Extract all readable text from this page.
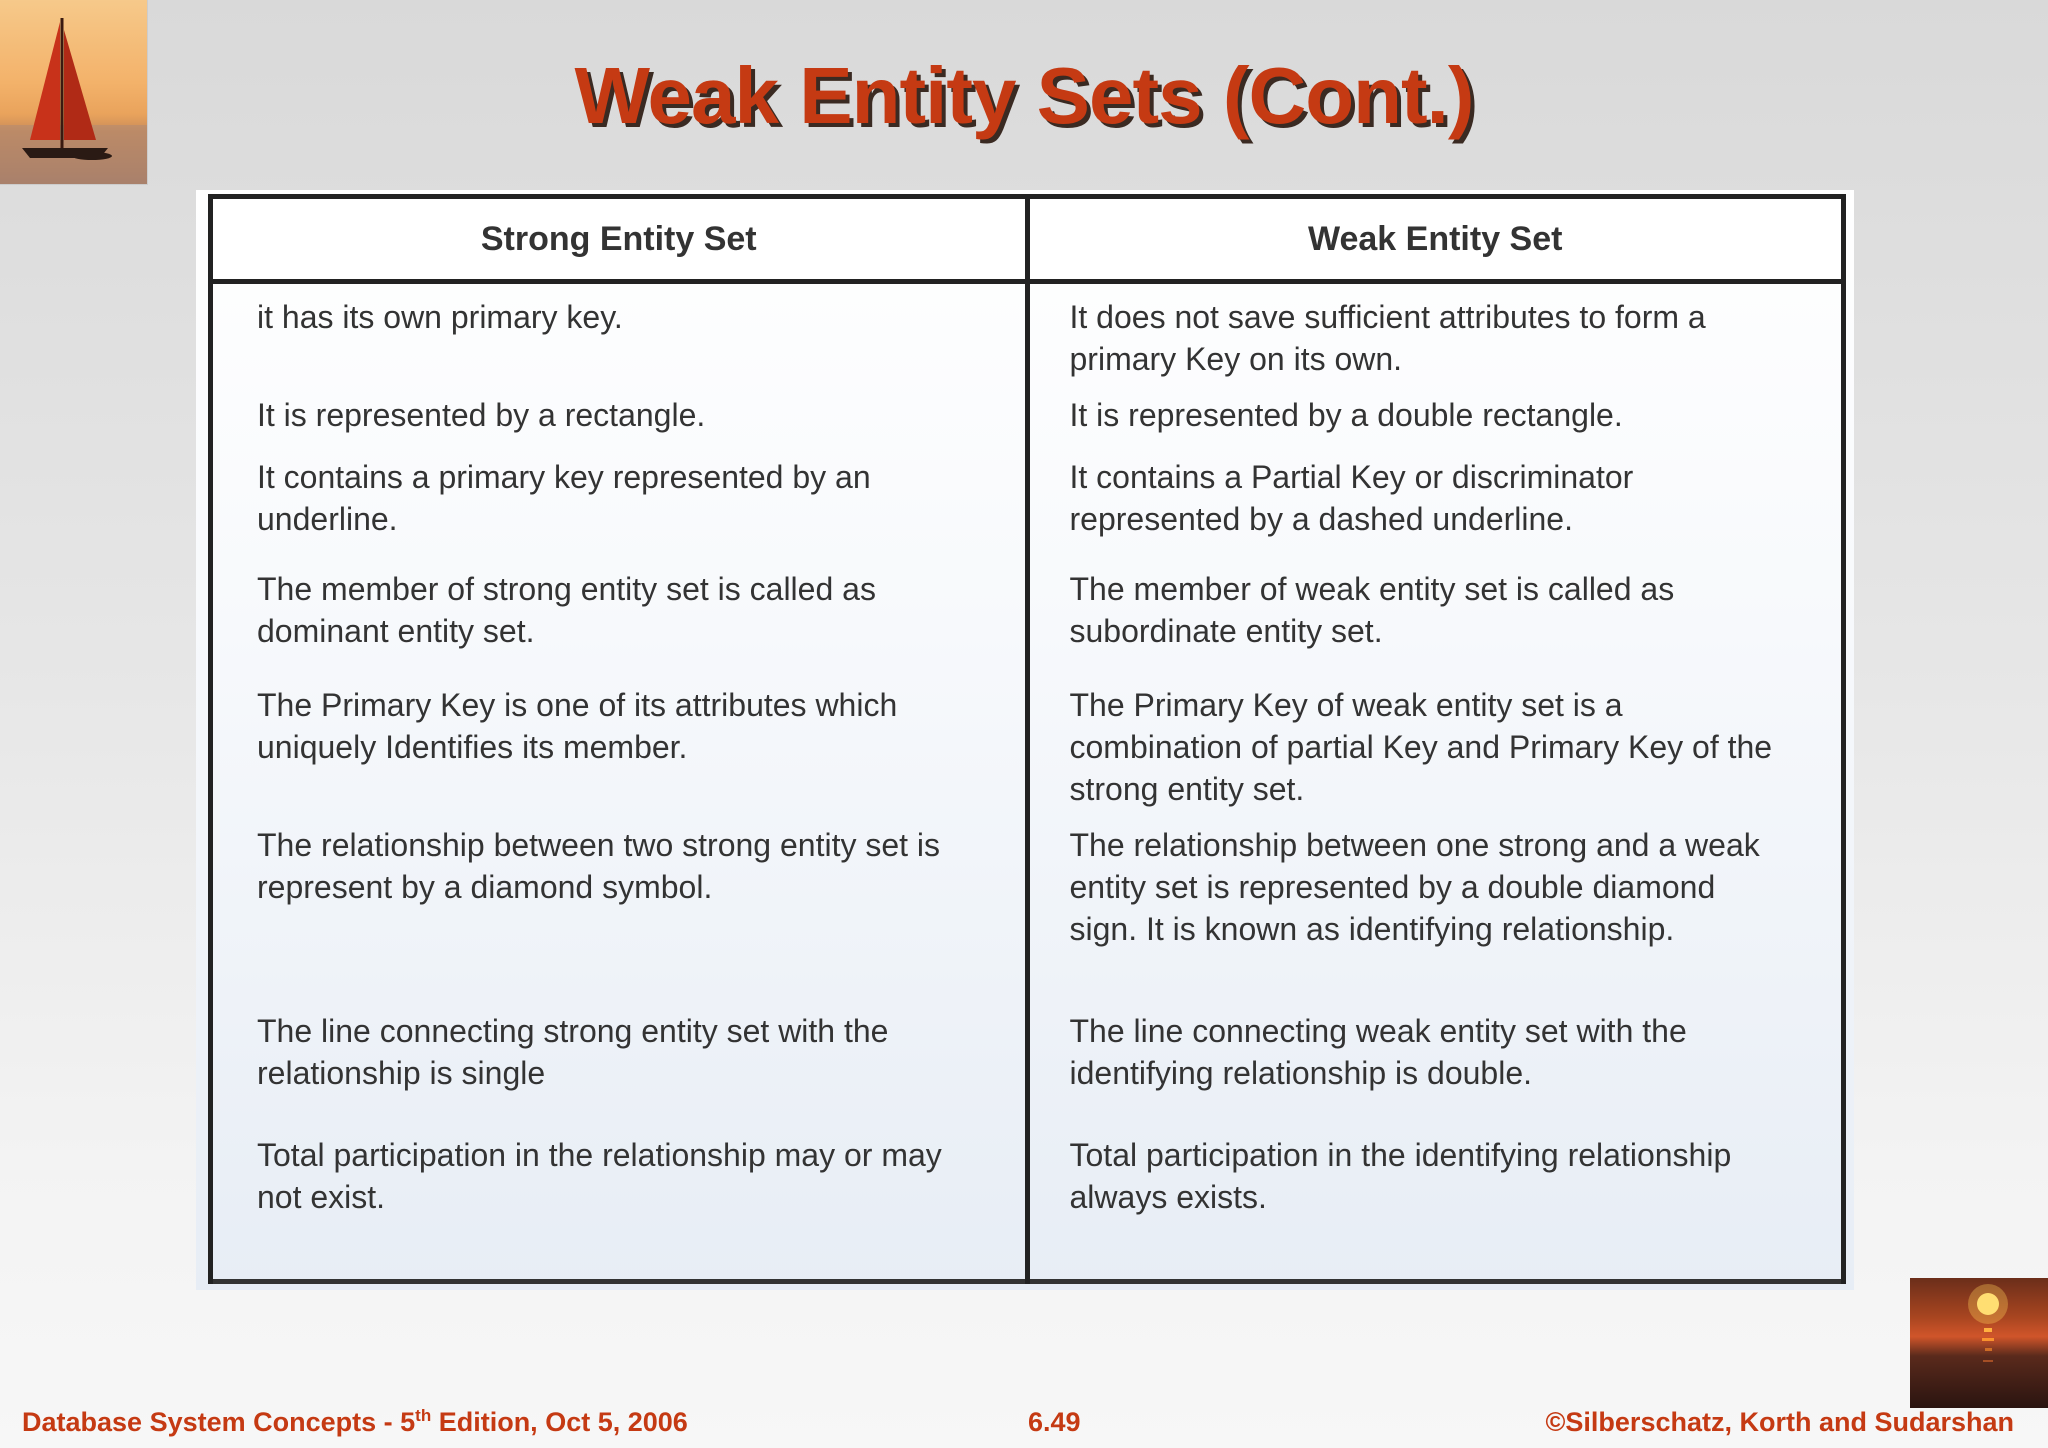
Weak Entity Sets (Cont.)
Strong Entity Set	Weak Entity Set
it has its own primary key.	It does not save sufficient attributes to form a primary Key on its own.
It is represented by a rectangle.	It is represented by a double rectangle.
It contains a primary key represented by an underline.	It contains a Partial Key or discriminator represented by a dashed underline.
The member of strong entity set is called as dominant entity set.	The member of weak entity set is called as subordinate entity set.
The Primary Key is one of its attributes which uniquely Identifies its member.	The Primary Key of weak entity set is a combination of partial Key and Primary Key of the strong entity set.
The relationship between two strong entity set is represent by a diamond symbol.	The relationship between one strong and a weak entity set is represented by a double diamond sign. It is known as identifying relationship.
The line connecting strong entity set with the relationship is single	The line connecting weak entity set with the identifying relationship is double.
Total participation in the relationship may or may not exist.	Total participation in the identifying relationship always exists.
Database System Concepts - 5th Edition, Oct 5, 2006	6.49	©Silberschatz, Korth and Sudarshan
